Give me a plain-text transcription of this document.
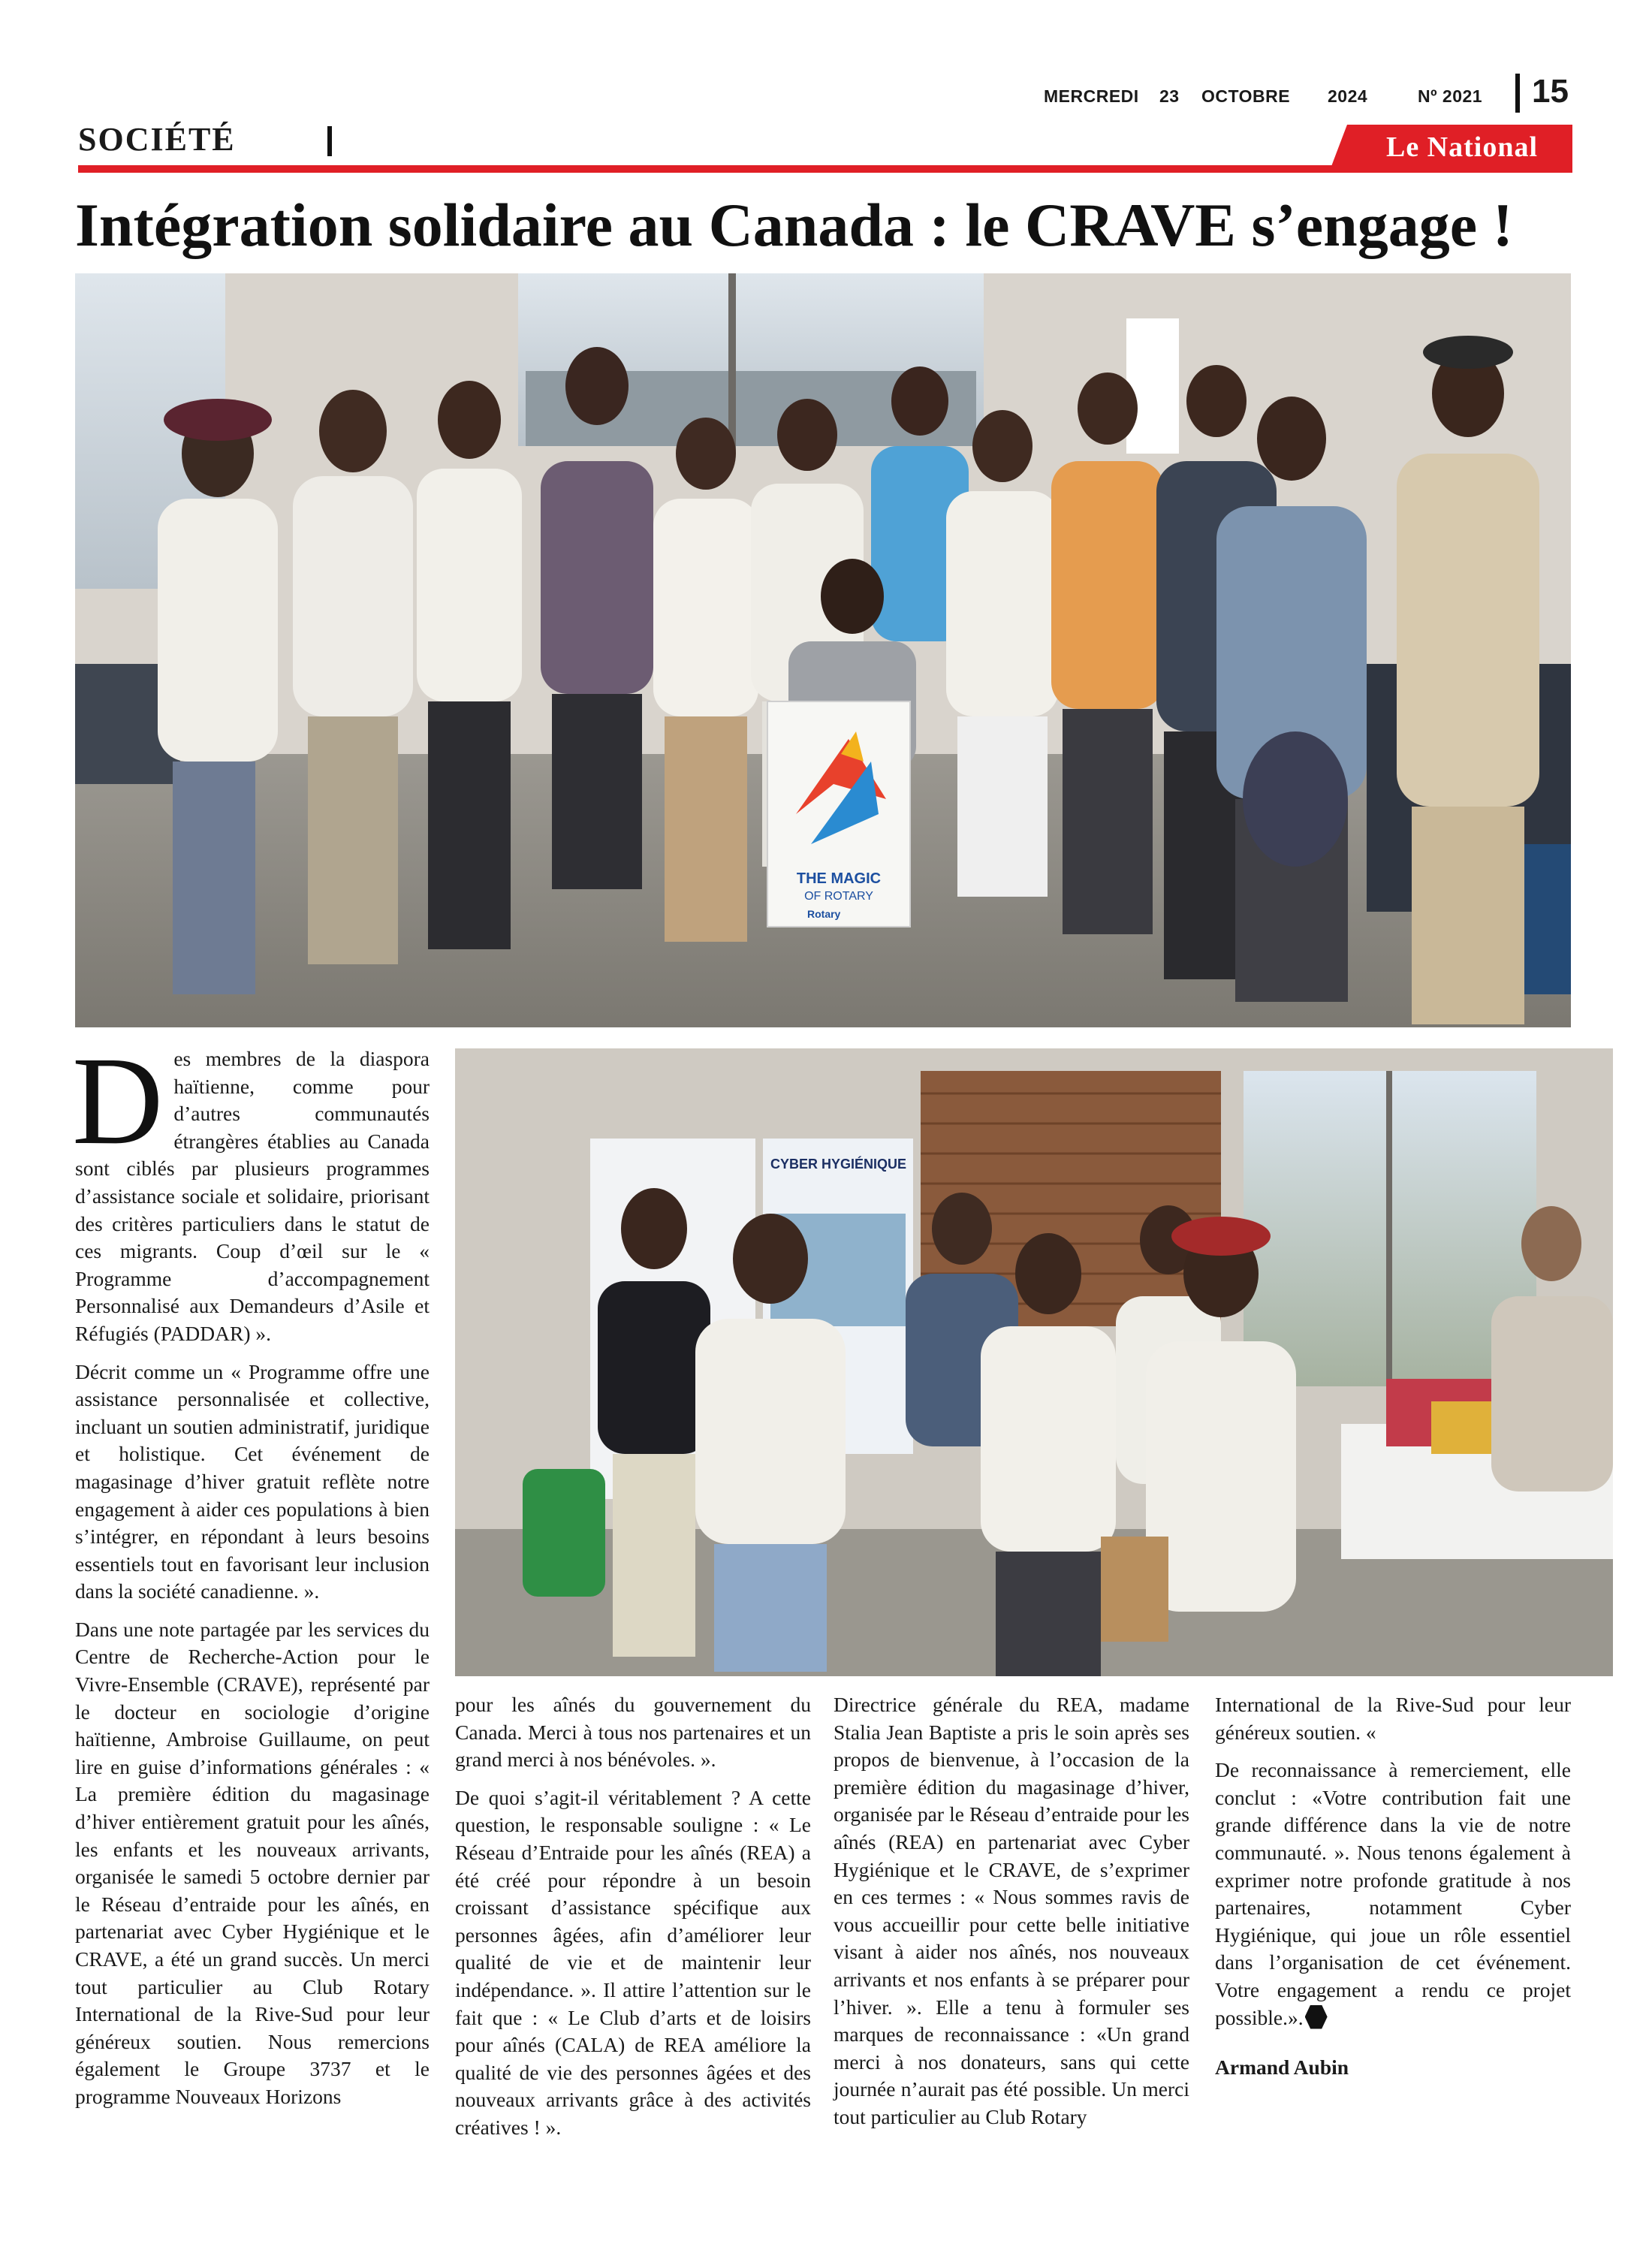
MERCREDI	23	OCTOBRE	2024	Nº 2021	15
SOCIÉTÉ	Le National
Intégration solidaire au Canada : le CRAVE s’engage !
THE MAGIC
OF ROTARY
Rotary
CYBER HYGIÉNIQUE

Des membres de la diaspora haïtienne, comme pour d’autres communautés étrangères établies au Canada sont ciblés par plusieurs programmes d’assistance sociale et solidaire, priorisant des critères particuliers dans le statut de ces migrants. Coup d’œil sur le « Programme d’accompagnement Personnalisé aux Demandeurs d’Asile et Réfugiés (PADDAR) ».

Décrit comme un « Programme offre une assistance personnalisée et collective, incluant un soutien administratif, juridique et holistique. Cet événement de magasinage d’hiver gratuit reflète notre engagement à aider ces populations à bien s’intégrer, en répondant à leurs besoins essentiels tout en favorisant leur inclusion dans la société canadienne. ».

Dans une note partagée par les services du Centre de Recherche-Action pour le Vivre-Ensemble (CRAVE), représenté par le docteur en sociologie d’origine haïtienne, Ambroise Guillaume, on peut lire en guise d’informations générales : « La première édition du magasinage d’hiver entièrement gratuit pour les aînés, les enfants et les nouveaux arrivants, organisée le samedi 5 octobre dernier par le Réseau d’entraide pour les aînés, en partenariat avec Cyber Hygiénique et le CRAVE, a été un grand succès. Un merci tout particulier au Club Rotary International de la Rive-Sud pour leur généreux soutien. Nous remercions également le Groupe 3737 et le programme Nouveaux Horizons

pour les aînés du gouvernement du Canada. Merci à tous nos partenaires et un grand merci à nos bénévoles. ».

De quoi s’agit-il véritablement ? A cette question, le responsable souligne : « Le Réseau d’Entraide pour les aînés (REA) a été créé pour répondre à un besoin croissant d’assistance spécifique aux personnes âgées, afin d’améliorer leur qualité de vie et de maintenir leur indépendance. ». Il attire l’attention sur le fait que : « Le Club d’arts et de loisirs pour aînés (CALA) de REA améliore la qualité de vie des personnes âgées et des nouveaux arrivants grâce à des activités créatives ! ».

Directrice générale du REA, madame Stalia Jean Baptiste a pris le soin après ses propos de bienvenue, à l’occasion de la première édition du magasinage d’hiver, organisée par le Réseau d’entraide pour les aînés (REA) en partenariat avec Cyber Hygiénique et le CRAVE, de s’exprimer en ces termes : « Nous sommes ravis de vous accueillir pour cette belle initiative visant à aider nos aînés, nos nouveaux arrivants et nos enfants à se préparer pour l’hiver. ». Elle a tenu à formuler ses marques de reconnaissance : «Un grand merci à nos donateurs, sans qui cette journée n’aurait pas été possible. Un merci tout particulier au Club Rotary

International de la Rive-Sud pour leur généreux soutien. «

De reconnaissance à remerciement, elle conclut : «Votre contribution fait une grande différence dans la vie de notre communauté. ». Nous tenons également à exprimer notre profonde gratitude à nos partenaires, notamment Cyber Hygiénique, qui joue un rôle essentiel dans l’organisation de cet événement. Votre engagement a rendu ce projet possible.».

Armand Aubin
